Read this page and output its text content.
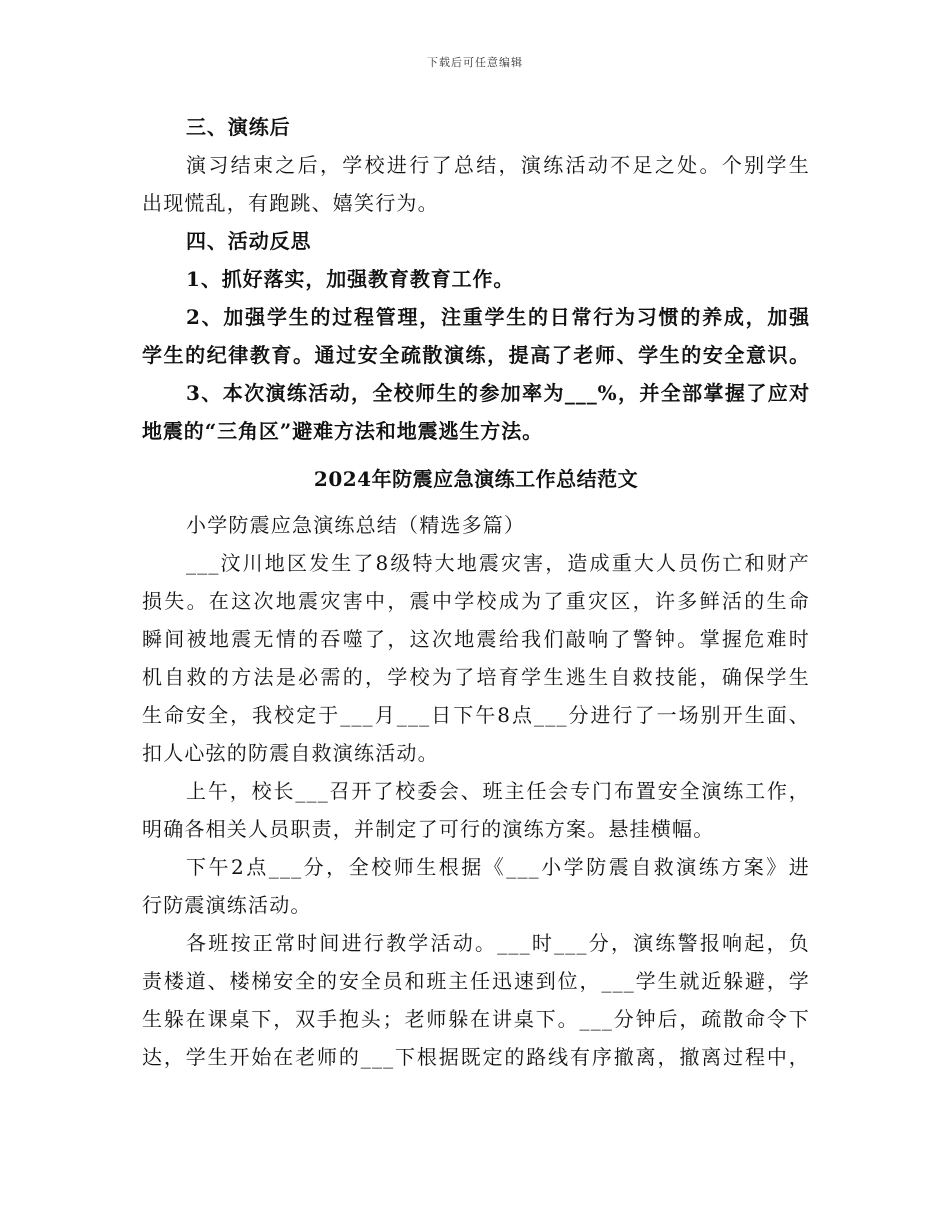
下载后可任意编辑
三、演练后
演习结束之后，学校进行了总结，演练活动不足之处。个别学生
出现慌乱，有跑跳、嬉笑行为。
四、活动反思
1、抓好落实，加强教育教育工作。
2、加强学生的过程管理，注重学生的日常行为习惯的养成，加强
学生的纪律教育。通过安全疏散演练，提高了老师、学生的安全意识。
3、本次演练活动，全校师生的参加率为___%，并全部掌握了应对
地震的“三角区”避难方法和地震逃生方法。
2024年防震应急演练工作总结范文
小学防震应急演练总结（精选多篇）
___汶川地区发生了8级特大地震灾害，造成重大人员伤亡和财产
损失。在这次地震灾害中，震中学校成为了重灾区，许多鲜活的生命
瞬间被地震无情的吞噬了，这次地震给我们敲响了警钟。掌握危难时
机自救的方法是必需的，学校为了培育学生逃生自救技能，确保学生
生命安全，我校定于___月___日下午8点___分进行了一场别开生面、
扣人心弦的防震自救演练活动。
上午，校长___召开了校委会、班主任会专门布置安全演练工作，
明确各相关人员职责，并制定了可行的演练方案。悬挂横幅。
下午2点___分，全校师生根据《___小学防震自救演练方案》进
行防震演练活动。
各班按正常时间进行教学活动。___时___分，演练警报响起，负
责楼道、楼梯安全的安全员和班主任迅速到位，___学生就近躲避，学
生躲在课桌下，双手抱头；老师躲在讲桌下。___分钟后，疏散命令下
达，学生开始在老师的___下根据既定的路线有序撤离，撤离过程中，
